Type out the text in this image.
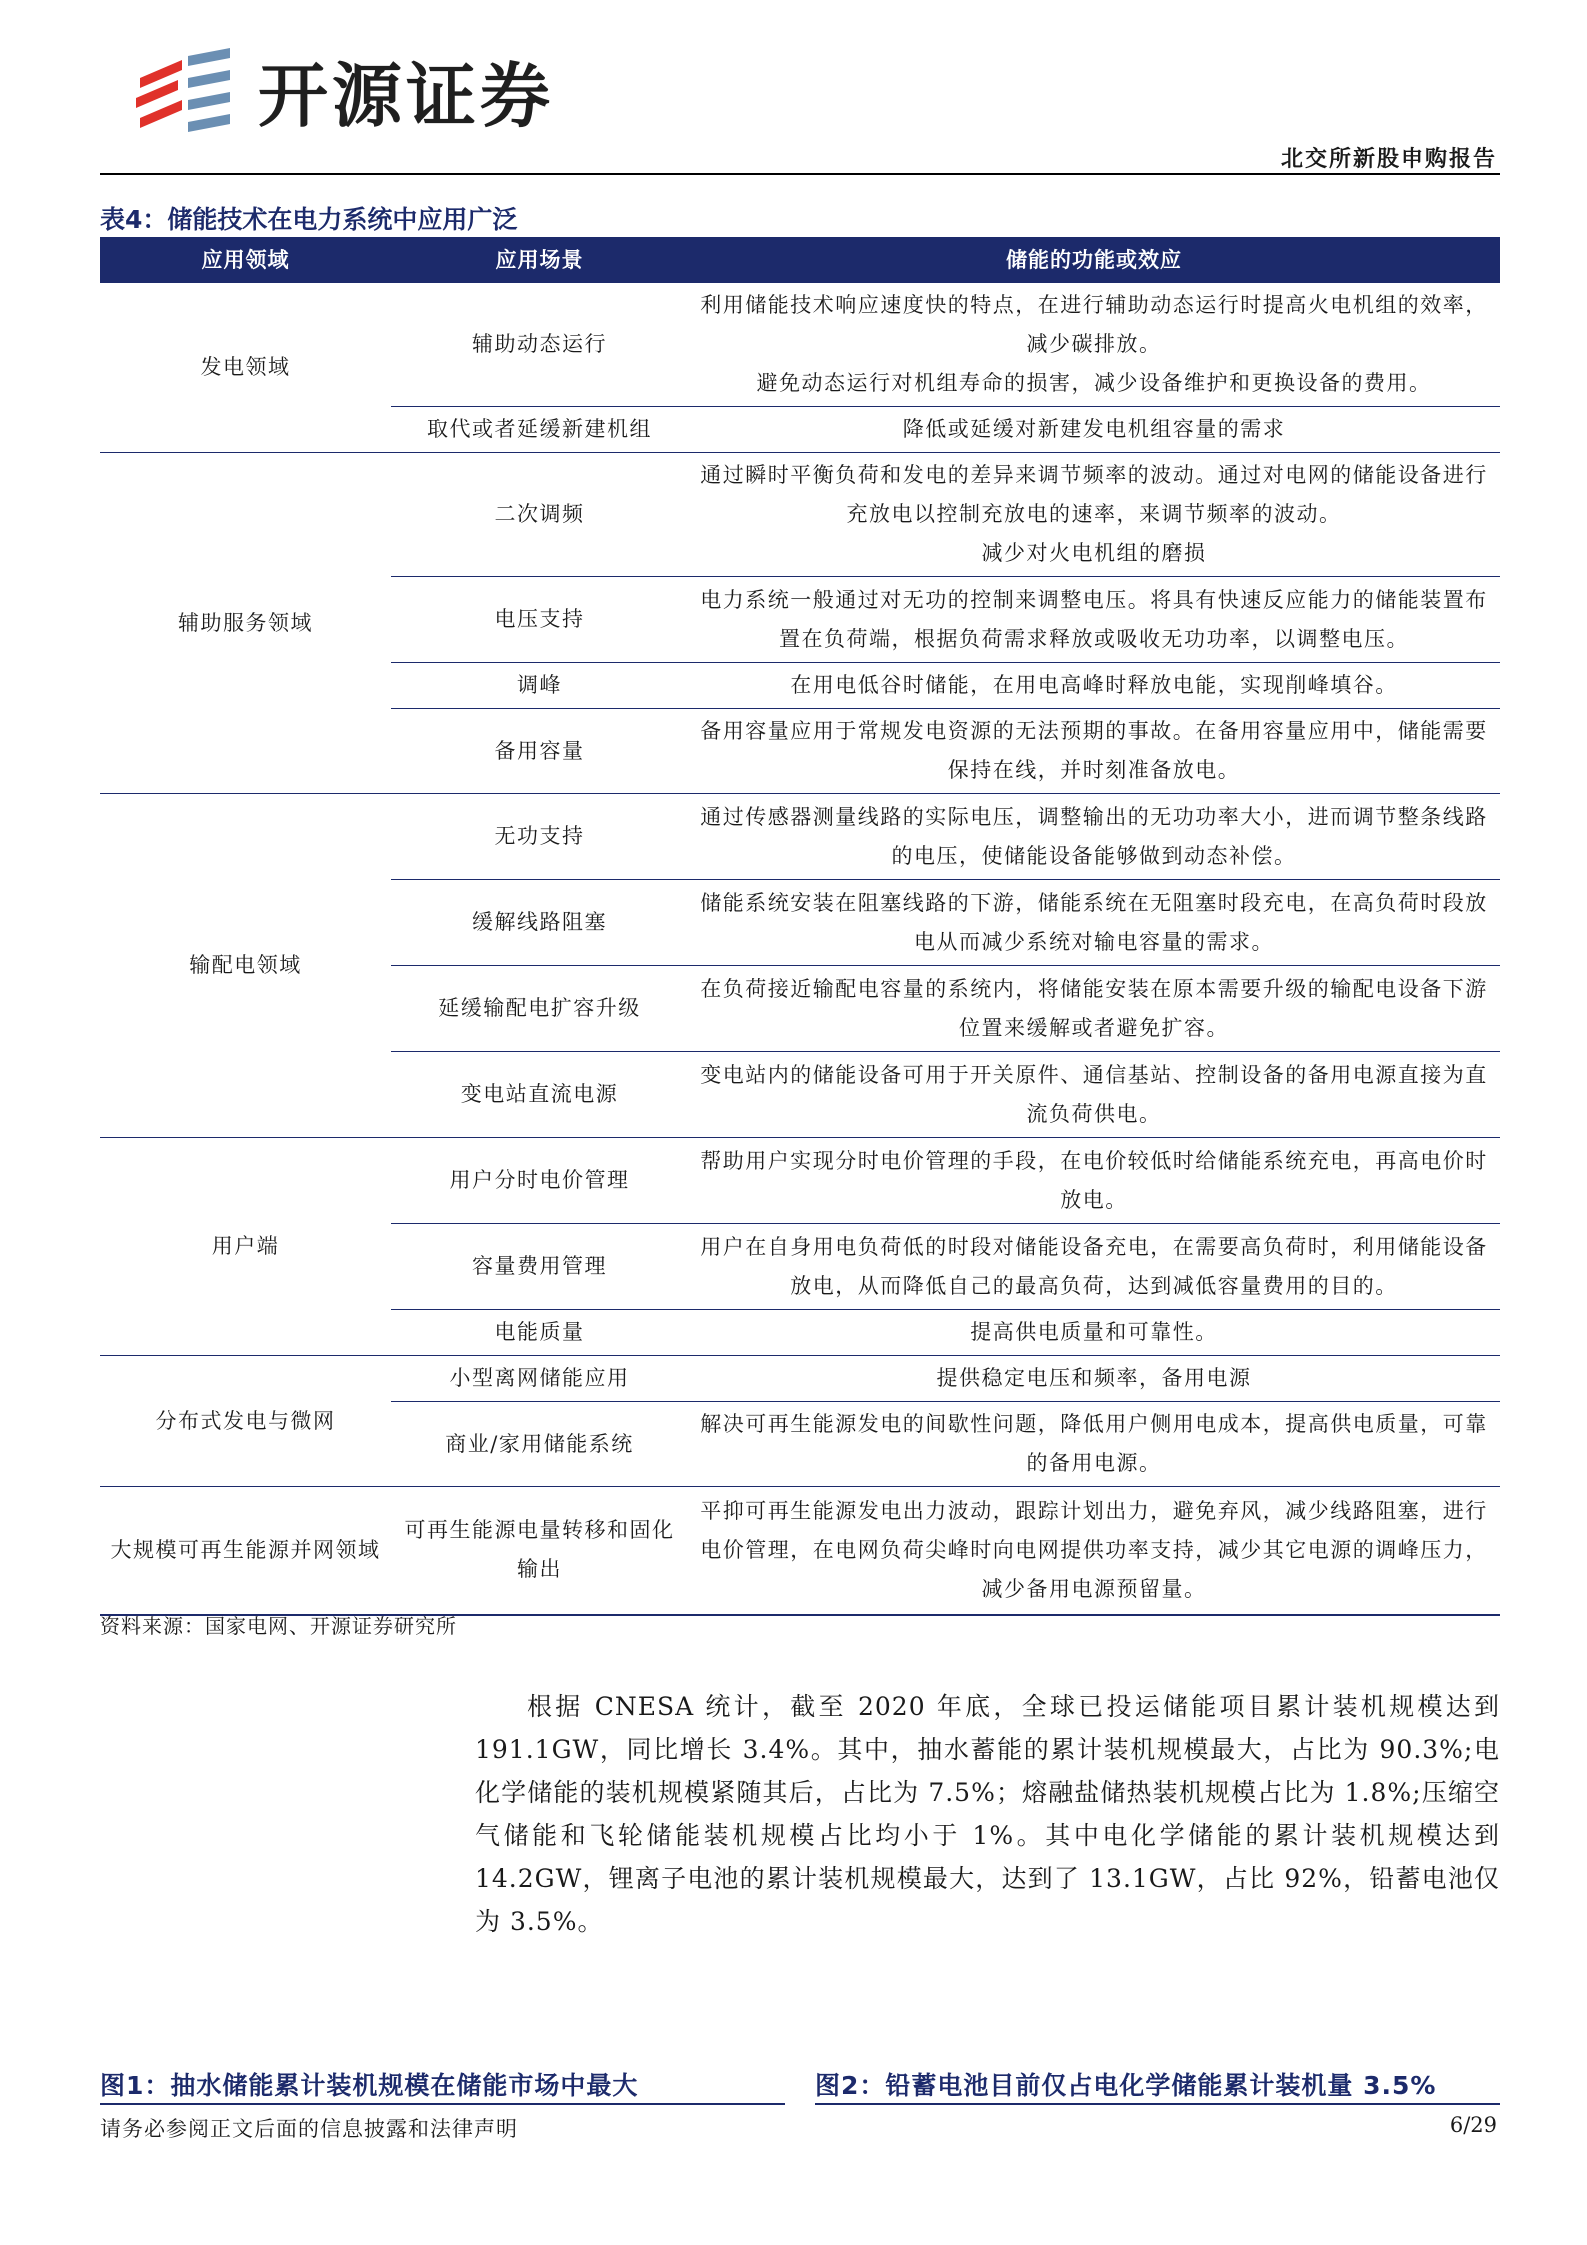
开源证券
北交所新股申购报告
表4：储能技术在电力系统中应用广泛
应用领域	应用场景	储能的功能或效应
发电领域	辅助动态运行	利用储能技术响应速度快的特点，在进行辅助动态运行时提高火电机组的效率，减少碳排放。
避免动态运行对机组寿命的损害，减少设备维护和更换设备的费用。

	取代或者延缓新建机组	降低或延缓对新建发电机组容量的需求
辅助服务领域	二次调频	通过瞬时平衡负荷和发电的差异来调节频率的波动。通过对电网的储能设备进行充放电以控制充放电的速率，来调节频率的波动。
减少对火电机组的磨损

	电压支持	电力系统一般通过对无功的控制来调整电压。将具有快速反应能力的储能装置布置在负荷端，根据负荷需求释放或吸收无功功率，以调整电压。
	调峰	在用电低谷时储能，在用电高峰时释放电能，实现削峰填谷。
	备用容量	备用容量应用于常规发电资源的无法预期的事故。在备用容量应用中，储能需要保持在线，并时刻准备放电。
输配电领域	无功支持	通过传感器测量线路的实际电压，调整输出的无功功率大小，进而调节整条线路的电压，使储能设备能够做到动态补偿。
	缓解线路阻塞	储能系统安装在阻塞线路的下游，储能系统在无阻塞时段充电，在高负荷时段放电从而减少系统对输电容量的需求。
	延缓输配电扩容升级	在负荷接近输配电容量的系统内，将储能安装在原本需要升级的输配电设备下游位置来缓解或者避免扩容。
	变电站直流电源	变电站内的储能设备可用于开关原件、通信基站、控制设备的备用电源直接为直流负荷供电。
用户端	用户分时电价管理	帮助用户实现分时电价管理的手段，在电价较低时给储能系统充电，再高电价时放电。
	容量费用管理	用户在自身用电负荷低的时段对储能设备充电，在需要高负荷时，利用储能设备放电，从而降低自己的最高负荷，达到减低容量费用的目的。
	电能质量	提高供电质量和可靠性。
分布式发电与微网	小型离网储能应用	提供稳定电压和频率，备用电源
	商业/家用储能系统	解决可再生能源发电的间歇性问题，降低用户侧用电成本，提高供电质量，可靠的备用电源。
大规模可再生能源并网领域	可再生能源电量转移和固化输出	平抑可再生能源发电出力波动，跟踪计划出力，避免弃风，减少线路阻塞，进行电价管理，在电网负荷尖峰时向电网提供功率支持，减少其它电源的调峰压力，减少备用电源预留量。
资料来源：国家电网、开源证券研究所

根据 CNESA 统计，截至 2020 年底，全球已投运储能项目累计装机规模达到 191.1GW，同比增长 3.4%。其中，抽水蓄能的累计装机规模最大，占比为 90.3%;电化学储能的装机规模紧随其后，占比为 7.5%；熔融盐储热装机规模占比为 1.8%;压缩空气储能和飞轮储能装机规模占比均小于 1%。其中电化学储能的累计装机规模达到 14.2GW，锂离子电池的累计装机规模最大，达到了 13.1GW，占比 92%，铅蓄电池仅为 3.5%。

图1：抽水储能累计装机规模在储能市场中最大	图2：铅蓄电池目前仅占电化学储能累计装机量 3.5%
请务必参阅正文后面的信息披露和法律声明	6/29
